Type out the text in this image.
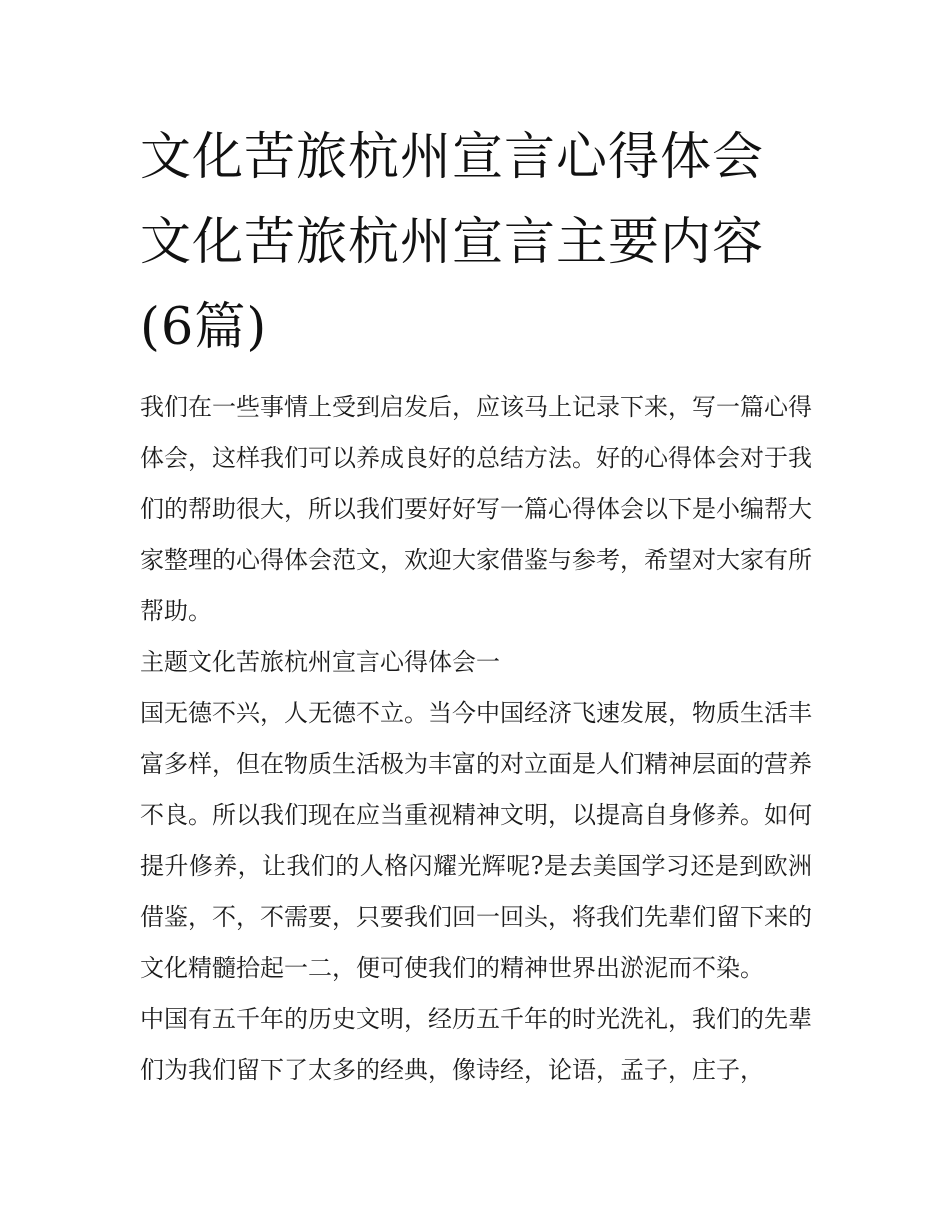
文化苦旅杭州宣言心得体会 文化苦旅杭州宣言主要内容(6篇)

我们在一些事情上受到启发后，应该马上记录下来，写一篇心得体会，这样我们可以养成良好的总结方法。好的心得体会对于我们的帮助很大，所以我们要好好写一篇心得体会以下是小编帮大家整理的心得体会范文，欢迎大家借鉴与参考，希望对大家有所帮助。

主题文化苦旅杭州宣言心得体会一

国无德不兴，人无德不立。当今中国经济飞速发展，物质生活丰富多样，但在物质生活极为丰富的对立面是人们精神层面的营养不良。所以我们现在应当重视精神文明，以提高自身修养。如何提升修养，让我们的人格闪耀光辉呢?是去美国学习还是到欧洲借鉴，不，不需要，只要我们回一回头，将我们先辈们留下来的文化精髓拾起一二，便可使我们的精神世界出淤泥而不染。

中国有五千年的历史文明，经历五千年的时光洗礼，我们的先辈们为我们留下了太多的经典，像诗经，论语，孟子，庄子，
